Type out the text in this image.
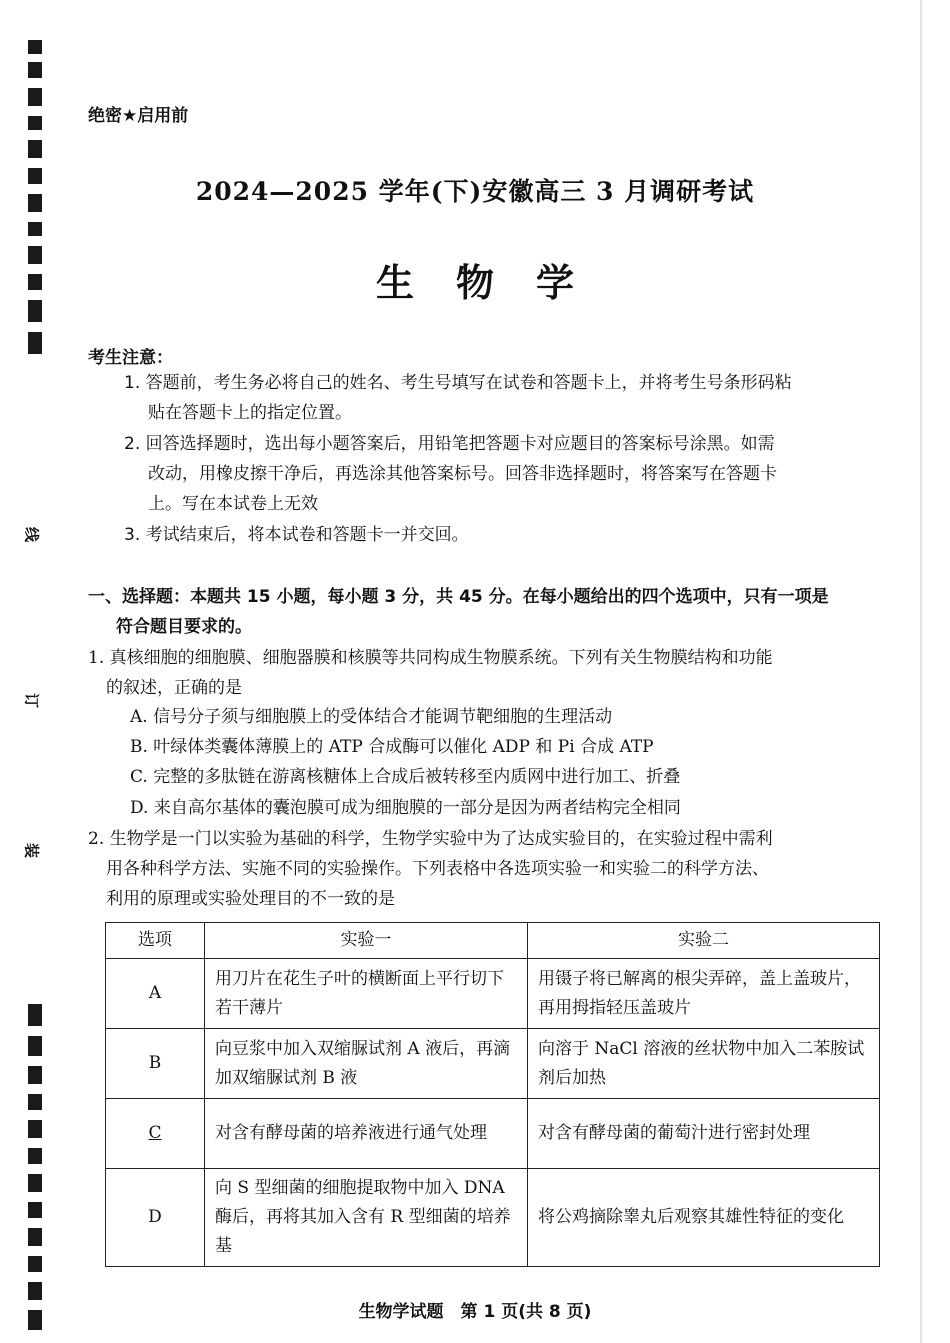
线
订
装
绝密★启用前
2024—2025 学年(下)安徽高三 3 月调研考试
生物学
考生注意：
1. 答题前，考生务必将自己的姓名、考生号填写在试卷和答题卡上，并将考生号条形码粘
贴在答题卡上的指定位置。
2. 回答选择题时，选出每小题答案后，用铅笔把答题卡对应题目的答案标号涂黑。如需
改动，用橡皮擦干净后，再选涂其他答案标号。回答非选择题时，将答案写在答题卡
上。写在本试卷上无效
3. 考试结束后，将本试卷和答题卡一并交回。
一、选择题：本题共 15 小题，每小题 3 分，共 45 分。在每小题给出的四个选项中，只有一项是
符合题目要求的。
1. 真核细胞的细胞膜、细胞器膜和核膜等共同构成生物膜系统。下列有关生物膜结构和功能
的叙述，正确的是
A. 信号分子须与细胞膜上的受体结合才能调节靶细胞的生理活动
B. 叶绿体类囊体薄膜上的 ATP 合成酶可以催化 ADP 和 Pi 合成 ATP
C. 完整的多肽链在游离核糖体上合成后被转移至内质网中进行加工、折叠
D. 来自高尔基体的囊泡膜可成为细胞膜的一部分是因为两者结构完全相同
2. 生物学是一门以实验为基础的科学，生物学实验中为了达成实验目的，在实验过程中需利
用各种科学方法、实施不同的实验操作。下列表格中各选项实验一和实验二的科学方法、
利用的原理或实验处理目的不一致的是
选项	实验一	实验二
A	用刀片在花生子叶的横断面上平行切下若干薄片	用镊子将已解离的根尖弄碎，盖上盖玻片，再用拇指轻压盖玻片
B	向豆浆中加入双缩脲试剂 A 液后，再滴加双缩脲试剂 B 液	向溶于 NaCl 溶液的丝状物中加入二苯胺试剂后加热
C	对含有酵母菌的培养液进行通气处理	对含有酵母菌的葡萄汁进行密封处理
D	向 S 型细菌的细胞提取物中加入 DNA 酶后，再将其加入含有 R 型细菌的培养基	将公鸡摘除睾丸后观察其雄性特征的变化
生物学试题　第 1 页(共 8 页)
